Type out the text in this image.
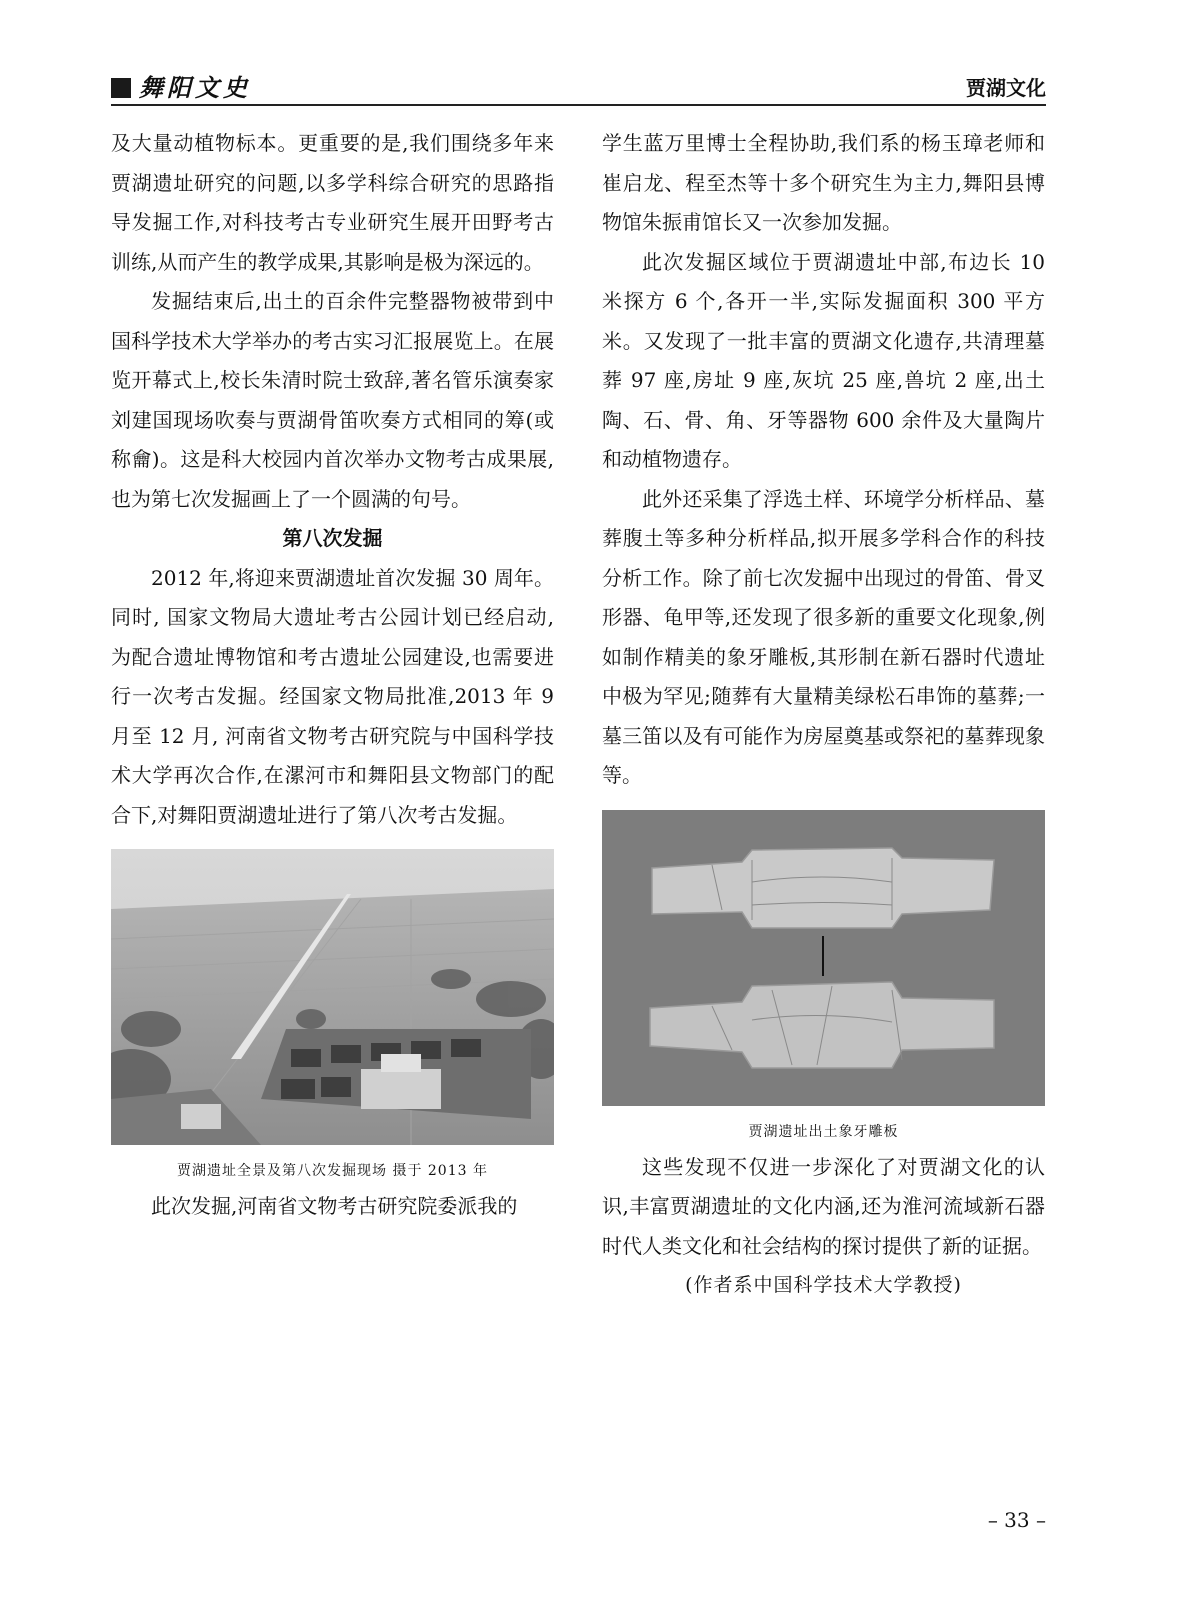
舞阳文史	贾湖文化

及大量动植物标本。更重要的是,我们围绕多年来贾湖遗址研究的问题,以多学科综合研究的思路指导发掘工作,对科技考古专业研究生展开田野考古训练,从而产生的教学成果,其影响是极为深远的。

发掘结束后,出土的百余件完整器物被带到中国科学技术大学举办的考古实习汇报展览上。在展览开幕式上,校长朱清时院士致辞,著名管乐演奏家刘建国现场吹奏与贾湖骨笛吹奏方式相同的筹(或称龠)。这是科大校园内首次举办文物考古成果展,也为第七次发掘画上了一个圆满的句号。

第八次发掘

2012 年,将迎来贾湖遗址首次发掘 30 周年。同时, 国家文物局大遗址考古公园计划已经启动, 为配合遗址博物馆和考古遗址公园建设,也需要进行一次考古发掘。经国家文物局批准,2013 年 9 月至 12 月, 河南省文物考古研究院与中国科学技术大学再次合作,在漯河市和舞阳县文物部门的配合下,对舞阳贾湖遗址进行了第八次考古发掘。

贾湖遗址全景及第八次发掘现场 摄于 2013 年

此次发掘,河南省文物考古研究院委派我的

学生蓝万里博士全程协助,我们系的杨玉璋老师和崔启龙、程至杰等十多个研究生为主力,舞阳县博物馆朱振甫馆长又一次参加发掘。

此次发掘区域位于贾湖遗址中部,布边长 10 米探方 6 个,各开一半,实际发掘面积 300 平方米。又发现了一批丰富的贾湖文化遗存,共清理墓葬 97 座,房址 9 座,灰坑 25 座,兽坑 2 座,出土陶、石、骨、角、牙等器物 600 余件及大量陶片和动植物遗存。

此外还采集了浮选土样、环境学分析样品、墓葬腹土等多种分析样品,拟开展多学科合作的科技分析工作。除了前七次发掘中出现过的骨笛、骨叉形器、龟甲等,还发现了很多新的重要文化现象,例如制作精美的象牙雕板,其形制在新石器时代遗址中极为罕见;随葬有大量精美绿松石串饰的墓葬;一墓三笛以及有可能作为房屋奠基或祭祀的墓葬现象等。

贾湖遗址出土象牙雕板

这些发现不仅进一步深化了对贾湖文化的认识,丰富贾湖遗址的文化内涵,还为淮河流域新石器时代人类文化和社会结构的探讨提供了新的证据。

(作者系中国科学技术大学教授)
– 33 –
